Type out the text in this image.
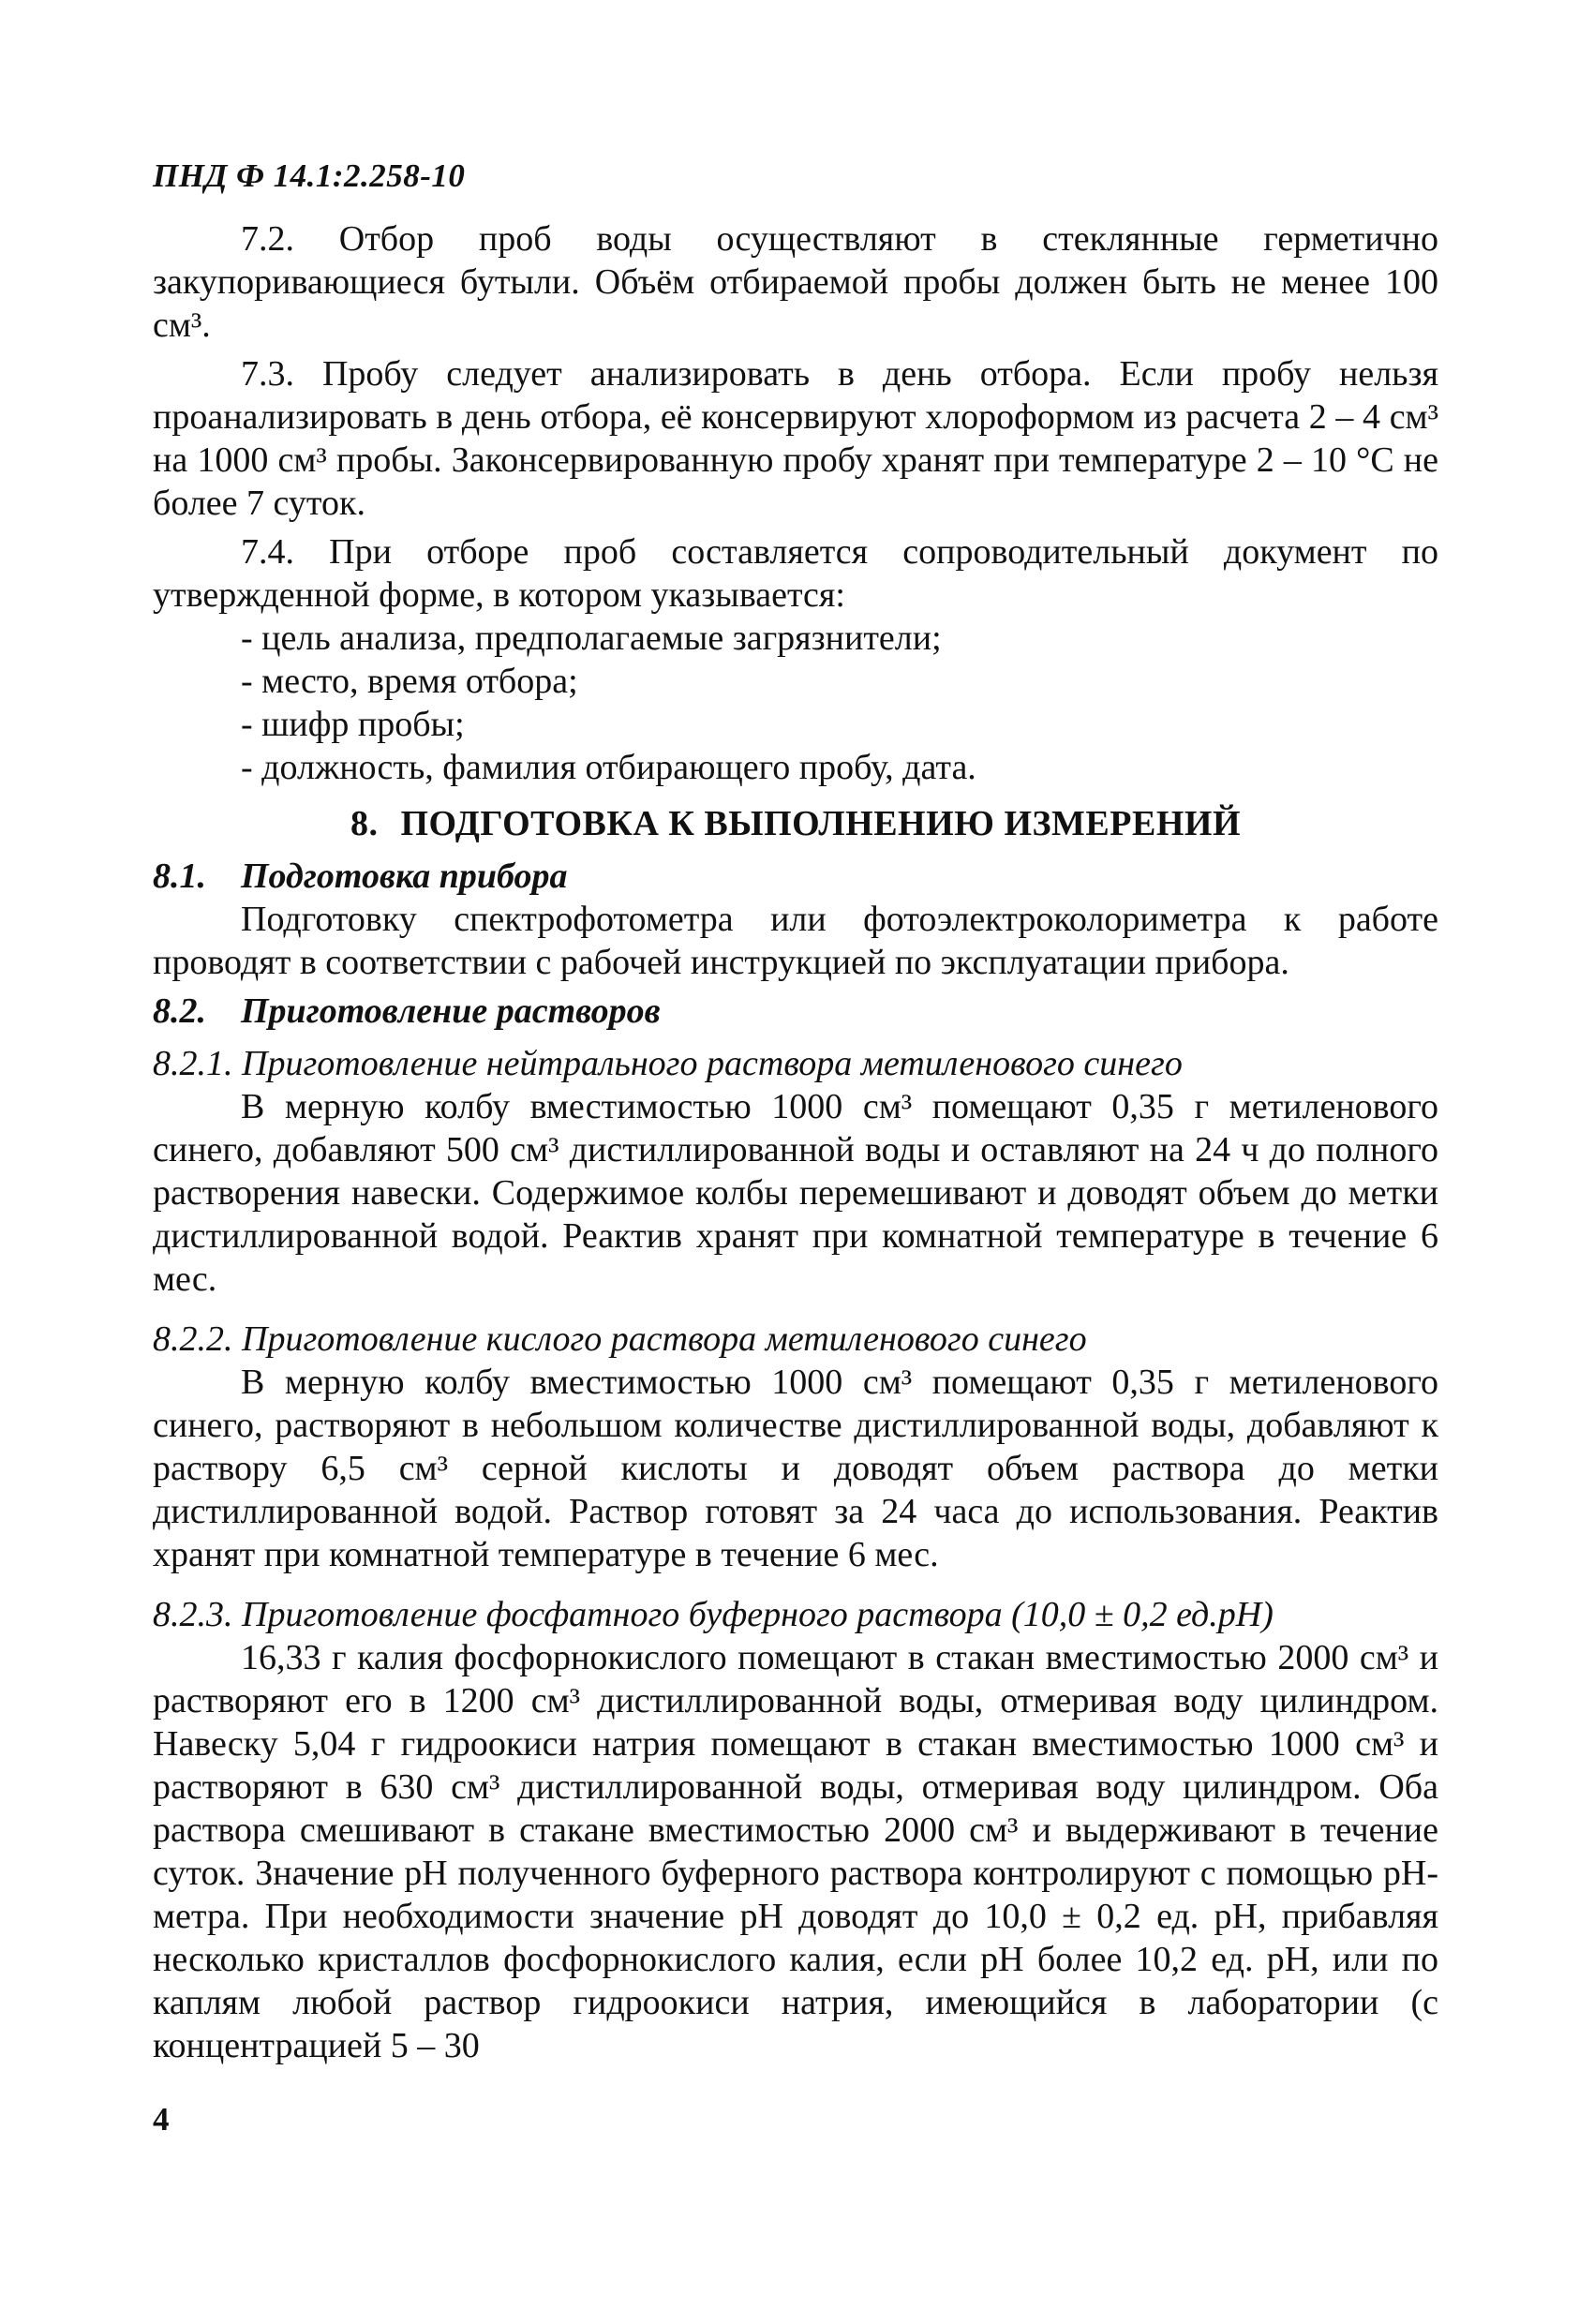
ПНД Ф 14.1:2.258-10

7.2. Отбор проб воды осуществляют в стеклянные герметично закупоривающиеся бутыли. Объём отбираемой пробы должен быть не менее 100 см³.

7.3. Пробу следует анализировать в день отбора. Если пробу нельзя проанализировать в день отбора, её консервируют хлороформом из расчета 2 – 4 см³ на 1000 см³ пробы. Законсервированную пробу хранят при температуре 2 – 10 °С не более 7 суток.

7.4. При отборе проб составляется сопроводительный документ по утвержденной форме, в котором указывается:

- цель анализа, предполагаемые загрязнители;

- место, время отбора;

- шифр пробы;

- должность, фамилия отбирающего пробу, дата.

8. ПОДГОТОВКА К ВЫПОЛНЕНИЮ ИЗМЕРЕНИЙ

8.1. Подготовка прибора

Подготовку спектрофотометра или фотоэлектроколориметра к работе проводят в соответствии с рабочей инструкцией по эксплуатации прибора.

8.2. Приготовление растворов

8.2.1. Приготовление нейтрального раствора метиленового синего

В мерную колбу вместимостью 1000 см³ помещают 0,35 г метиленового синего, добавляют 500 см³ дистиллированной воды и оставляют на 24 ч до полного растворения навески. Содержимое колбы перемешивают и доводят объем до метки дистиллированной водой. Реактив хранят при комнатной температуре в течение 6 мес.

8.2.2. Приготовление кислого раствора метиленового синего

В мерную колбу вместимостью 1000 см³ помещают 0,35 г метиленового синего, растворяют в небольшом количестве дистиллированной воды, добавляют к раствору 6,5 см³ серной кислоты и доводят объем раствора до метки дистиллированной водой. Раствор готовят за 24 часа до использования. Реактив хранят при комнатной температуре в течение 6 мес.

8.2.3. Приготовление фосфатного буферного раствора (10,0 ± 0,2 ед.рН)

16,33 г калия фосфорнокислого помещают в стакан вместимостью 2000 см³ и растворяют его в 1200 см³ дистиллированной воды, отмеривая воду цилиндром. Навеску 5,04 г гидроокиси натрия помещают в стакан вместимостью 1000 см³ и растворяют в 630 см³ дистиллированной воды, отмеривая воду цилиндром. Оба раствора смешивают в стакане вместимостью 2000 см³ и выдерживают в течение суток. Значение рН полученного буферного раствора контролируют с помощью рН-метра. При необходимости значение рН доводят до 10,0 ± 0,2 ед. рН, прибавляя несколько кристаллов фосфорнокислого калия, если рН более 10,2 ед. рН, или по каплям любой раствор гидроокиси натрия, имеющийся в лаборатории (с концентрацией 5 – 30

4
